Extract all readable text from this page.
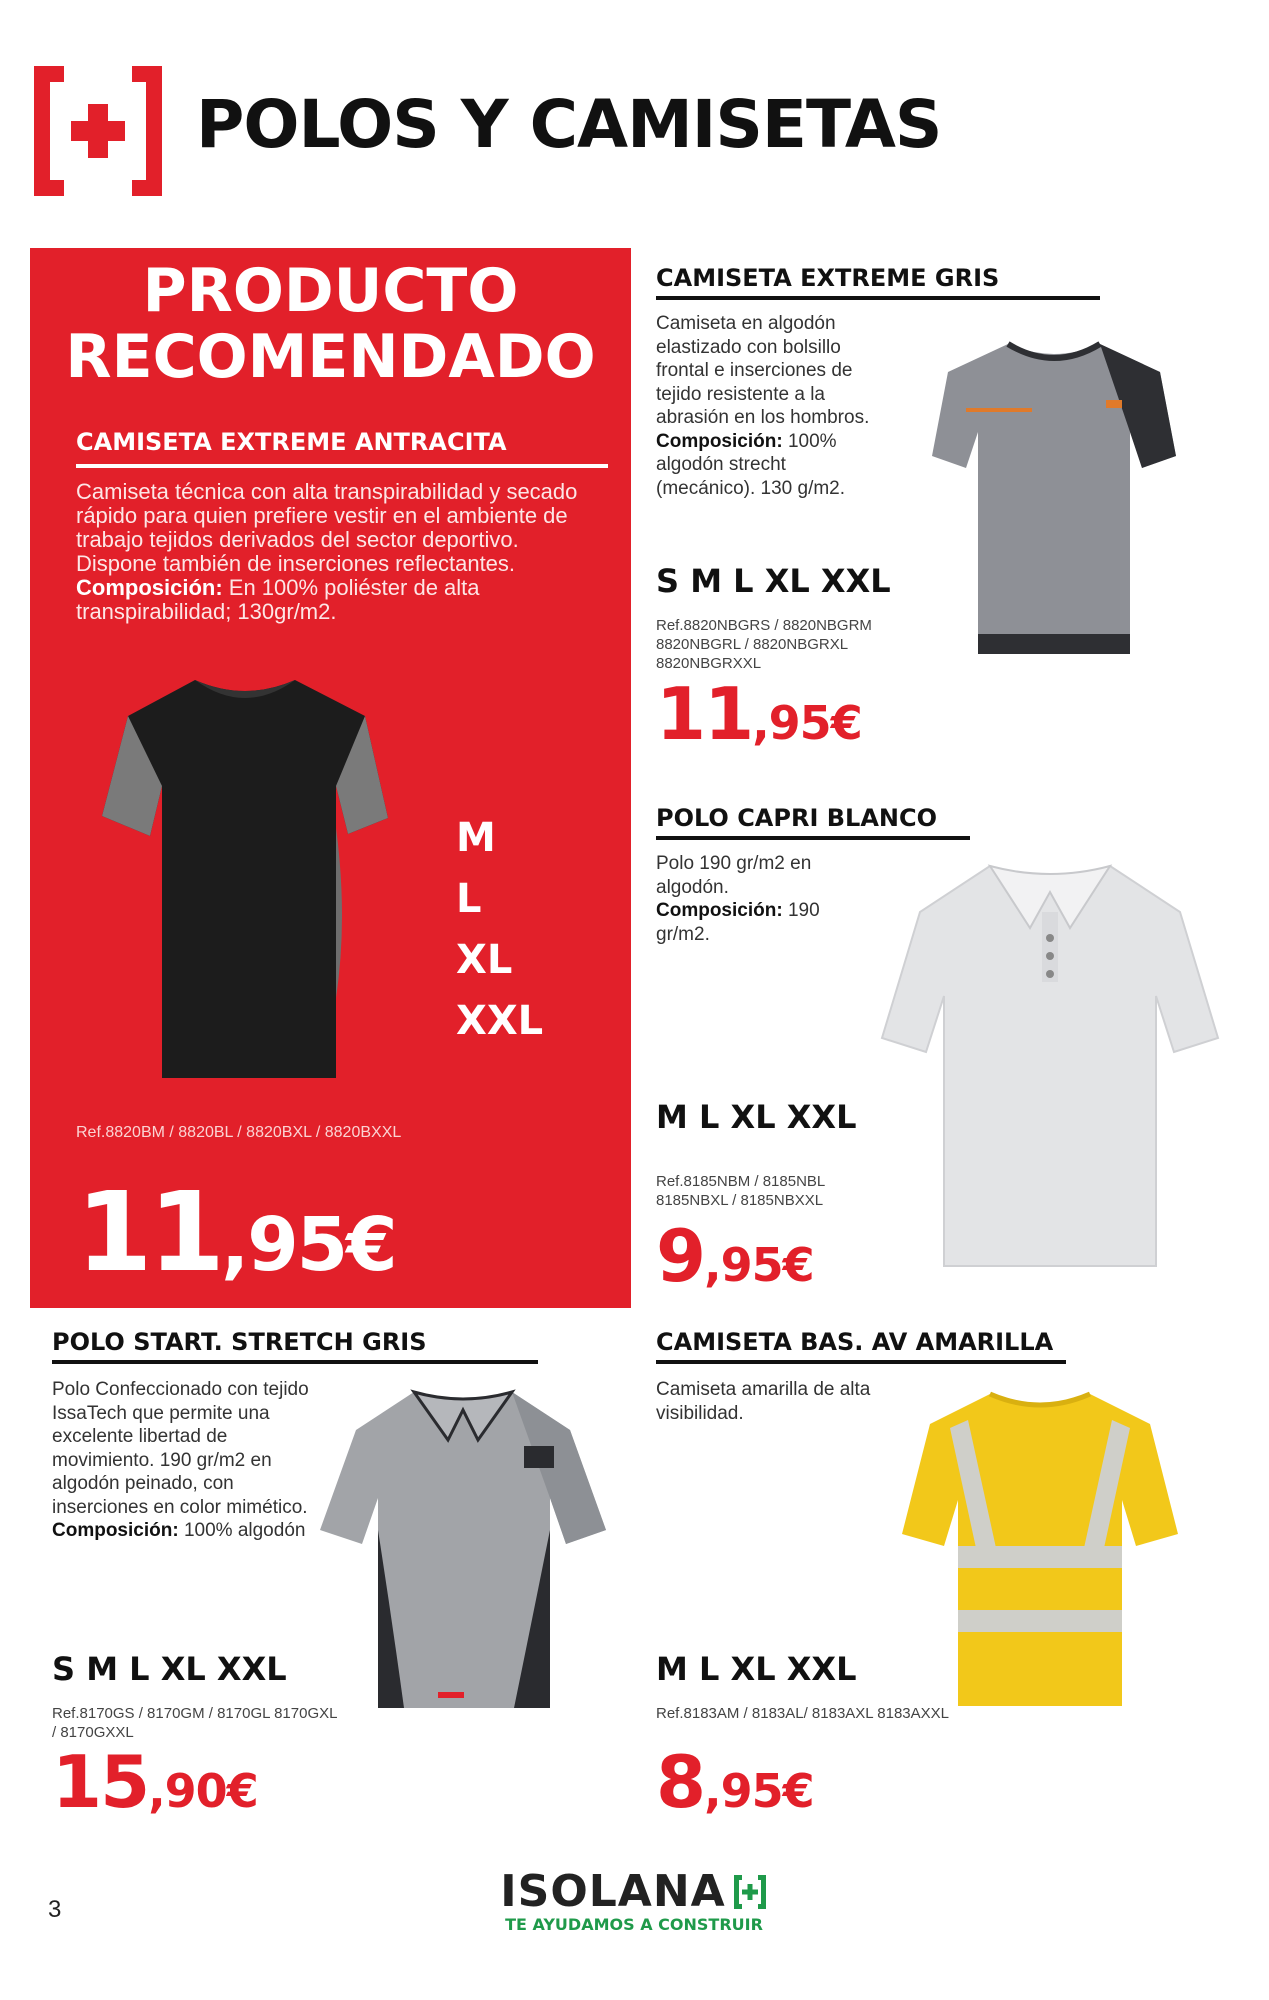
POLOS Y CAMISETAS
PRODUCTO
RECOMENDADO
CAMISETA EXTREME ANTRACITA
Camiseta técnica con alta transpirabilidad y secado rápido para quien prefiere vestir en el ambiente de trabajo tejidos derivados del sector deportivo. Dispone también de inserciones reflectantes. Composición: En 100% poliéster de alta transpirabilidad; 130gr/m2.
M
L
XL
XXL
Ref.8820BM / 8820BL / 8820BXL / 8820BXXL
11,95€
CAMISETA EXTREME GRIS
Camiseta en algodón elastizado con bolsillo frontal e inserciones de tejido resistente a la abrasión en los hombros. Composición: 100% algodón strecht (mecánico). 130 g/m2.
S M L XL XXL
Ref.8820NBGRS / 8820NBGRM 8820NBGRL / 8820NBGRXL 8820NBGRXXL
11,95€
POLO CAPRI BLANCO
Polo 190 gr/m2 en algodón. Composición: 190 gr/m2.
M L XL XXL
Ref.8185NBM / 8185NBL 8185NBXL / 8185NBXXL
9,95€
POLO START. STRETCH GRIS
Polo Confeccionado con tejido IssaTech que permite una excelente libertad de movimiento. 190 gr/m2 en algodón peinado, con inserciones en color mimético. Composición: 100% algodón
S M L XL XXL
Ref.8170GS / 8170GM / 8170GL 8170GXL / 8170GXXL
15,90€
CAMISETA BAS. AV AMARILLA
Camiseta amarilla de alta visibilidad.
M L XL XXL
Ref.8183AM / 8183AL/ 8183AXL 8183AXXL
8,95€
3	ISOLANA
TE AYUDAMOS A CONSTRUIR
